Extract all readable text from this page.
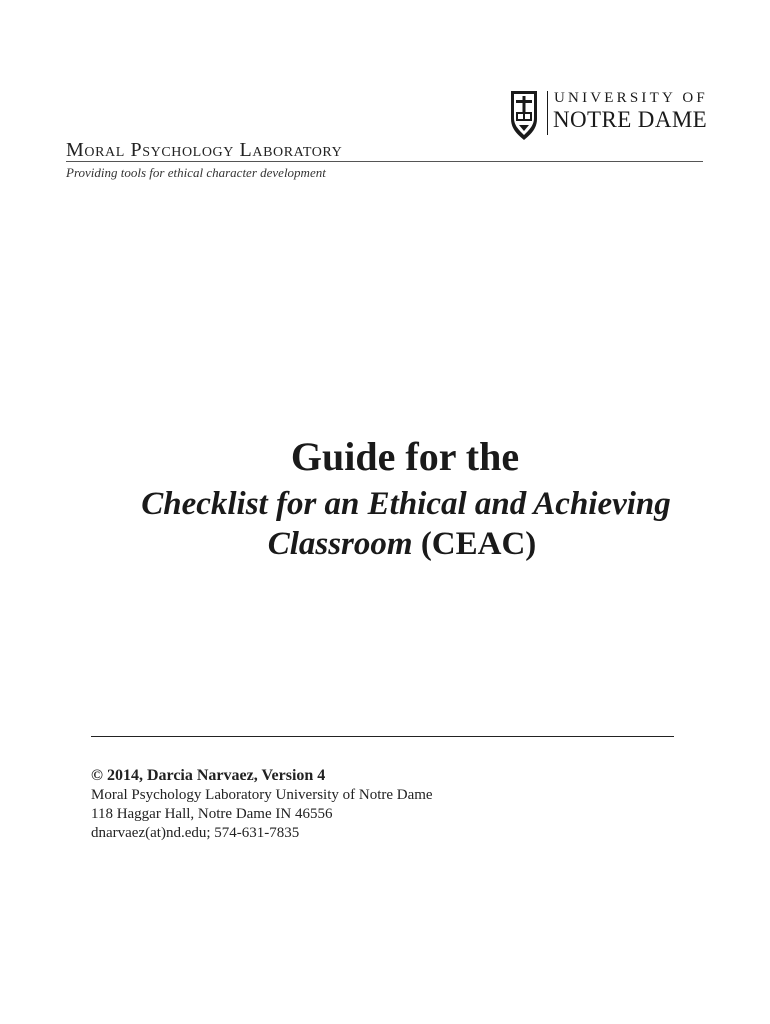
UNIVERSITY OF
NOTRE DAME
Moral Psychology Laboratory
Providing tools for ethical character development
Guide for the
Checklist for an Ethical and Achieving
Classroom (CEAC)
© 2014, Darcia Narvaez, Version 4
Moral Psychology Laboratory University of Notre Dame
118 Haggar Hall, Notre Dame IN 46556
dnarvaez(at)nd.edu; 574-631-7835
